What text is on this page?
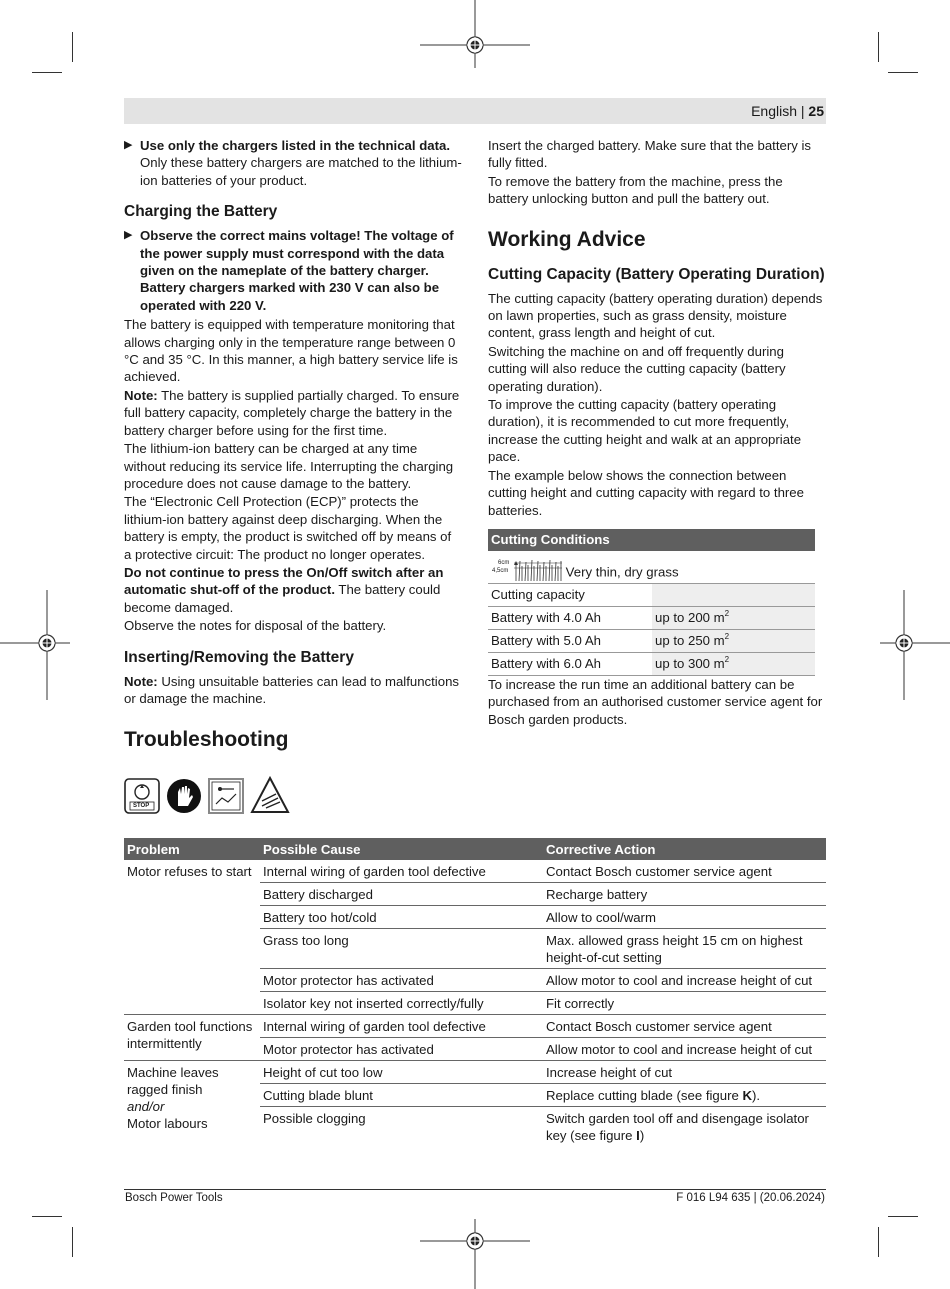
English | 25
▶ Use only the chargers listed in the technical data. Only these battery chargers are matched to the lithium-ion batteries of your product.
Charging the Battery
▶ Observe the correct mains voltage! The voltage of the power supply must correspond with the data given on the nameplate of the battery charger. Battery chargers marked with 230 V can also be operated with 220 V.

The battery is equipped with temperature monitoring that allows charging only in the temperature range between 0 °C and 35 °C. In this manner, a high battery service life is achieved.

Note: The battery is supplied partially charged. To ensure full battery capacity, completely charge the battery in the battery charger before using for the first time.

The lithium-ion battery can be charged at any time without reducing its service life. Interrupting the charging procedure does not cause damage to the battery.

The “Electronic Cell Protection (ECP)” protects the lithium-ion battery against deep discharging. When the battery is empty, the product is switched off by means of a protective circuit: The product no longer operates.

Do not continue to press the On/Off switch after an automatic shut-off of the product. The battery could become damaged.

Observe the notes for disposal of the battery.

Inserting/Removing the Battery

Note: Using unsuitable batteries can lead to malfunctions or damage the machine.

Insert the charged battery. Make sure that the battery is fully fitted.

To remove the battery from the machine, press the battery unlocking button and pull the battery out.

Working Advice
Cutting Capacity (Battery Operating Duration)

The cutting capacity (battery operating duration) depends on lawn properties, such as grass density, moisture content, grass length and height of cut.

Switching the machine on and off frequently during cutting will also reduce the cutting capacity (battery operating duration).

To improve the cutting capacity (battery operating duration), it is recommended to cut more frequently, increase the cutting height and walk at an appropriate pace.

The example below shows the connection between cutting height and cutting capacity with regard to three batteries.

Cutting Conditions	

6cm
4,5cm Very thin, dry grass	
Cutting capacity	
Battery with 4.0 Ah	up to 200 $m^2$
Battery with 5.0 Ah	up to 250 $m^2$
Battery with 6.0 Ah	up to 300 $m^2$

To increase the run time an additional battery can be purchased from an authorised customer service agent for Bosch garden products.

Troubleshooting
STOP
Problem	Possible Cause	Corrective Action
Motor refuses to start	Internal wiring of garden tool defective	Contact Bosch customer service agent
	Battery discharged	Recharge battery
	Battery too hot/cold	Allow to cool/warm
	Grass too long	Max. allowed grass height 15 cm on highest height-of-cut setting
	Motor protector has activated	Allow motor to cool and increase height of cut
	Isolator key not inserted correctly/fully	Fit correctly
Garden tool functions intermittently	Internal wiring of garden tool defective	Contact Bosch customer service agent
	Motor protector has activated	Allow motor to cool and increase height of cut
Machine leaves ragged finish
and/or
Motor labours	Height of cut too low	Increase height of cut
	Cutting blade blunt	Replace cutting blade (see figure K).
	Possible clogging	Switch garden tool off and disengage isolator key (see figure I)
Bosch Power Tools	F 016 L94 635 | (20.06.2024)
